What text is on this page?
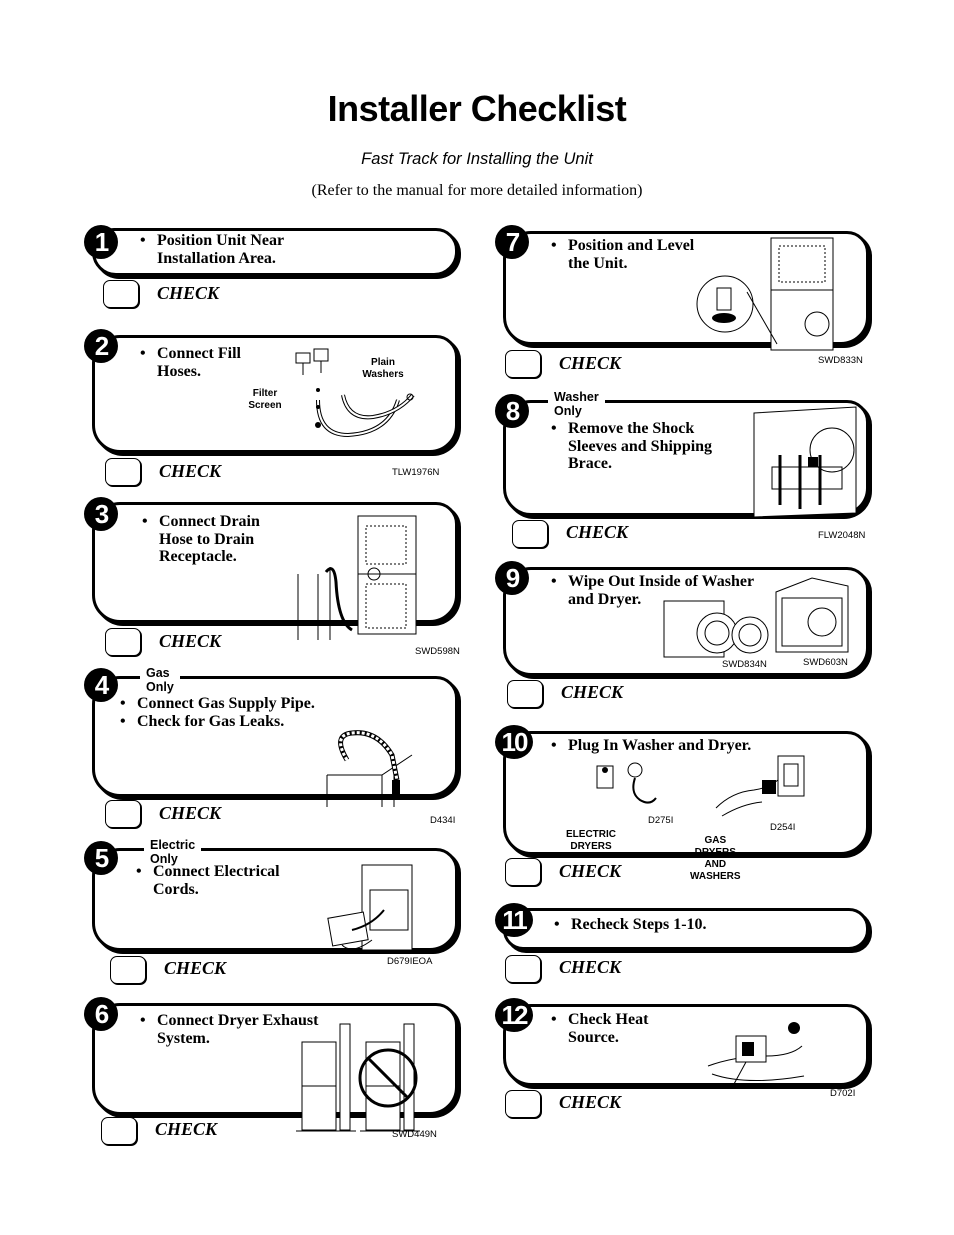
Installer Checklist
Fast Track for Installing the Unit
(Refer to the manual for more detailed information)
1	• Position Unit Near Installation Area.
CHECK
2	• Connect Fill Hoses.	Plain Washers
Filter Screen
TLW1976N
CHECK
3	• Connect Drain Hose to Drain Receptacle.
SWD598N
CHECK
Gas Only
4
• Connect Gas Supply Pipe.
• Check for Gas Leaks.
D434I
CHECK
Electric Only
5	• Connect Electrical Cords.
D679IEOA
CHECK
6	• Connect Dryer Exhaust System.
SWD449N
CHECK
7	• Position and Level the Unit.
SWD833N
CHECK
Washer Only
8
• Remove the Shock Sleeves and Shipping Brace.
FLW2048N
CHECK
9	• Wipe Out Inside of Washer and Dryer.
SWD834N	SWD603N
CHECK
10	• Plug In Washer and Dryer.
D275I
D254I
ELECTRIC DRYERS
GAS DRYERS AND WASHERS
CHECK
11	• Recheck Steps 1-10.
CHECK
12	• Check Heat Source.
D702I
CHECK
